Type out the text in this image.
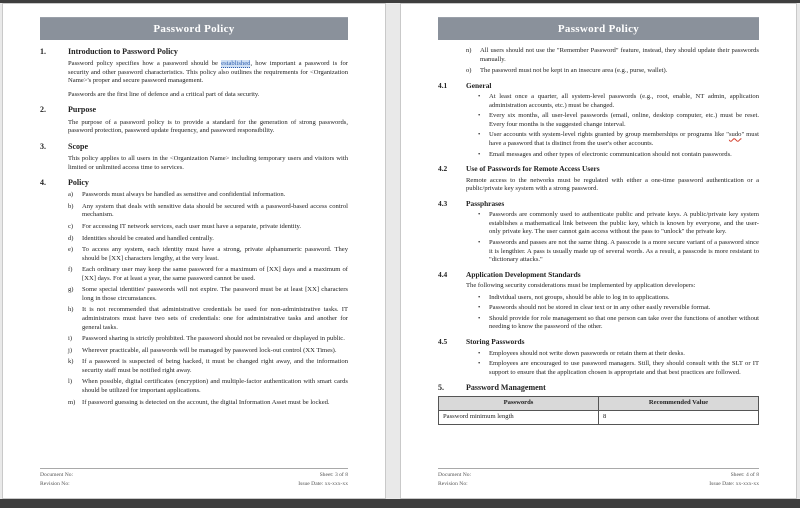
Password Policy
1.	Introduction to Password Policy

Password policy specifies how a password should be established, how important a password is for security and other password characteristics. This policy also outlines the requirements for <Organization Name>'s proper and secure password management.

Passwords are the first line of defence and a critical part of data security.

2.	Purpose

The purpose of a password policy is to provide a standard for the generation of strong passwords, password protection, password update frequency, and password responsibility.

3.	Scope

This policy applies to all users in the <Organization Name> including temporary users and visitors with limited or unlimited access time to services.

4.	Policy
a)	Passwords must always be handled as sensitive and confidential information.
b)	Any system that deals with sensitive data should be secured with a password-based access control mechanism.
c)	For accessing IT network services, each user must have a separate, private identity.
d)	Identities should be created and handled centrally.
e)	To access any system, each identity must have a strong, private alphanumeric password. They should be [XX] characters lengthy, at the very least.
f)	Each ordinary user may keep the same password for a maximum of [XX] days and a maximum of [XX] days. For at least a year, the same password cannot be used.
g)	Some special identities' passwords will not expire. The password must be at least [XX] characters long in those circumstances.
h)	It is not recommended that administrative credentials be used for non-administrative tasks. IT administrators must have two sets of credentials: one for administrative tasks and another for general tasks.
i)	Password sharing is strictly prohibited. The password should not be revealed or displayed in public.
j)	Wherever practicable, all passwords will be managed by password lock-out control (XX Times).
k)	If a password is suspected of being hacked, it must be changed right away, and the information security staff must be notified right away.
l)	When possible, digital certificates (encryption) and multiple-factor authentication with smart cards should be utilized for important applications.
m)	If password guessing is detected on the account, the digital Information Asset must be locked.
Document No:
Revision No:
Sheet: 3 of 8
Issue Date: xx-xxx-xx
Password Policy
n)	All users should not use the "Remember Password" feature, instead, they should update their passwords manually.
o)	The password must not be kept in an insecure area (e.g., purse, wallet).
4.1	General
•
At least once a quarter, all system-level passwords (e.g., root, enable, NT admin, application administration accounts, etc.) must be changed.
•
Every six months, all user-level passwords (email, online, desktop computer, etc.) must be reset. Every four months is the suggested change interval.
•
User accounts with system-level rights granted by group memberships or programs like "sudo" must have a password that is distinct from the user's other accounts.
•
Email messages and other types of electronic communication should not contain passwords.
4.2	Use of Passwords for Remote Access Users

Remote access to the networks must be regulated with either a one-time password authentication or a public/private key system with a strong password.

4.3	Passphrases
•
Passwords are commonly used to authenticate public and private keys. A public/private key system establishes a mathematical link between the public key, which is known by everyone, and the user-only private key. The user cannot gain access without the pass to "unlock" the private key.
•
Passwords and passes are not the same thing. A passcode is a more secure variant of a password since it is lengthier. A pass is usually made up of several words. As a result, a passcode is more resistant to "dictionary attacks."
4.4	Application Development Standards

The following security considerations must be implemented by application developers:

•
Individual users, not groups, should be able to log in to applications.
•
Passwords should not be stored in clear text or in any other easily reversible format.
•
Should provide for role management so that one person can take over the functions of another without needing to know the password of the other.
4.5	Storing Passwords
•
Employees should not write down passwords or retain them at their desks.
•
Employees are encouraged to use password managers. Still, they should consult with the SLT or IT support to ensure that the application chosen is appropriate and that best practices are followed.
5.	Password Management
Passwords	Recommended Value
Password minimum length	8
Document No:
Revision No:
Sheet: 4 of 8
Issue Date: xx-xxx-xx
